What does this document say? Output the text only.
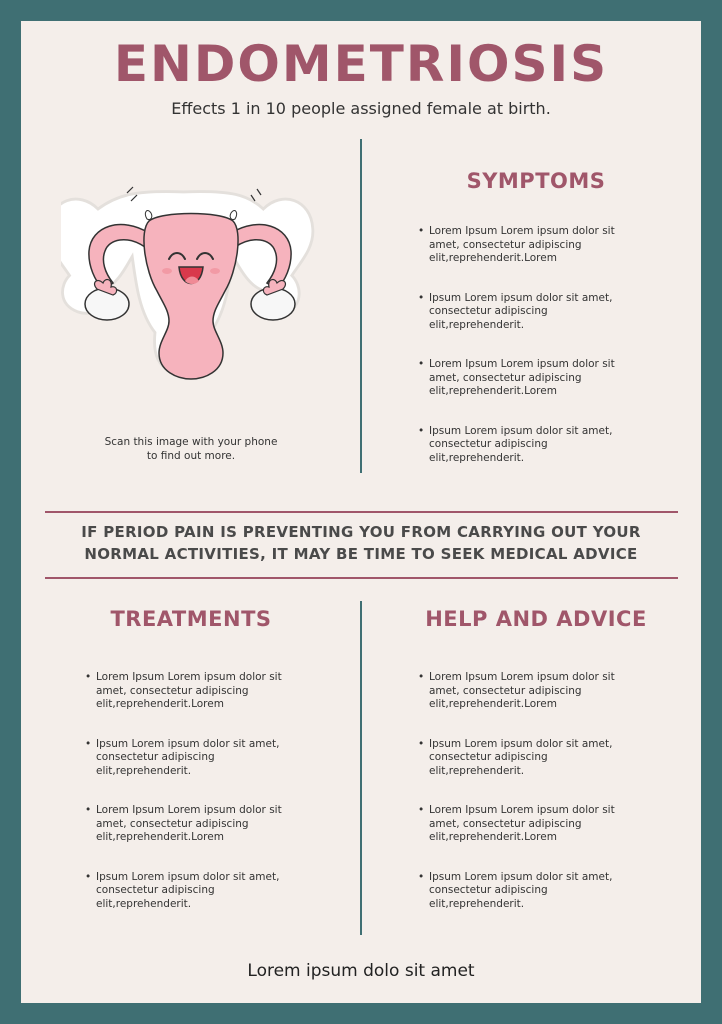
ENDOMETRIOSIS

Effects 1 in 10 people assigned female at birth.

Scan this image with your phone
to find out more.

SYMPTOMS
• Lorem Ipsum Lorem ipsum dolor sit amet, consectetur adipiscing elit,reprehenderit.Lorem
• Ipsum Lorem ipsum dolor sit amet, consectetur adipiscing elit,reprehenderit.
• Lorem Ipsum Lorem ipsum dolor sit amet, consectetur adipiscing elit,reprehenderit.Lorem
• Ipsum Lorem ipsum dolor sit amet, consectetur adipiscing elit,reprehenderit.

IF PERIOD PAIN IS PREVENTING YOU FROM CARRYING OUT YOUR
NORMAL ACTIVITIES, IT MAY BE TIME TO SEEK MEDICAL ADVICE

TREATMENTS
• Lorem Ipsum Lorem ipsum dolor sit amet, consectetur adipiscing elit,reprehenderit.Lorem
• Ipsum Lorem ipsum dolor sit amet, consectetur adipiscing elit,reprehenderit.
• Lorem Ipsum Lorem ipsum dolor sit amet, consectetur adipiscing elit,reprehenderit.Lorem
• Ipsum Lorem ipsum dolor sit amet, consectetur adipiscing elit,reprehenderit.
HELP AND ADVICE
• Lorem Ipsum Lorem ipsum dolor sit amet, consectetur adipiscing elit,reprehenderit.Lorem
• Ipsum Lorem ipsum dolor sit amet, consectetur adipiscing elit,reprehenderit.
• Lorem Ipsum Lorem ipsum dolor sit amet, consectetur adipiscing elit,reprehenderit.Lorem
• Ipsum Lorem ipsum dolor sit amet, consectetur adipiscing elit,reprehenderit.

Lorem ipsum dolo sit amet
